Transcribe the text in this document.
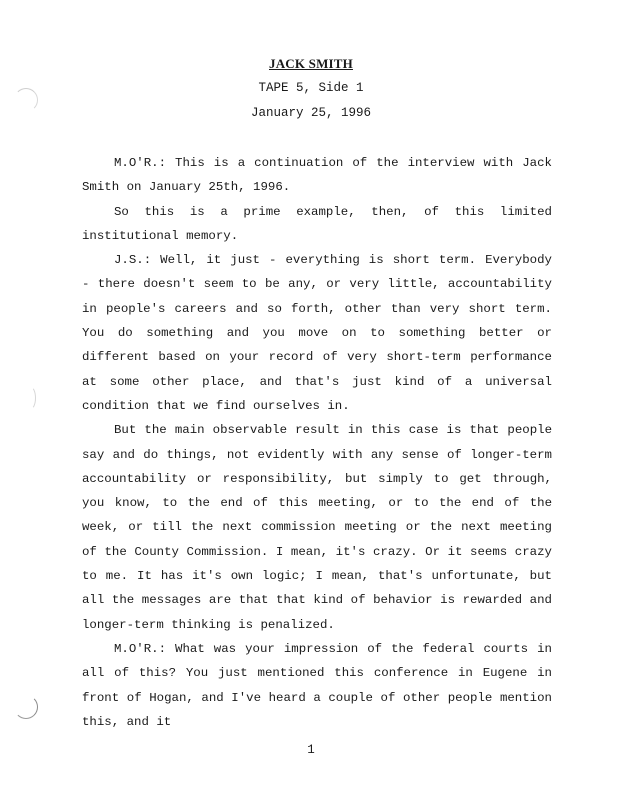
JACK SMITH
TAPE 5, Side 1
January 25, 1996

M.O'R.: This is a continuation of the interview with Jack Smith on January 25th, 1996.

So this is a prime example, then, of this limited institutional memory.

J.S.: Well, it just - everything is short term. Everybody - there doesn't seem to be any, or very little, accountability in people's careers and so forth, other than very short term. You do something and you move on to something better or different based on your record of very short-term performance at some other place, and that's just kind of a universal condition that we find ourselves in.

But the main observable result in this case is that people say and do things, not evidently with any sense of longer-term accountability or responsibility, but simply to get through, you know, to the end of this meeting, or to the end of the week, or till the next commission meeting or the next meeting of the County Commission. I mean, it's crazy. Or it seems crazy to me. It has it's own logic; I mean, that's unfortunate, but all the messages are that that kind of behavior is rewarded and longer-term thinking is penalized.

M.O'R.: What was your impression of the federal courts in all of this? You just mentioned this conference in Eugene in front of Hogan, and I've heard a couple of other people mention this, and it

1
